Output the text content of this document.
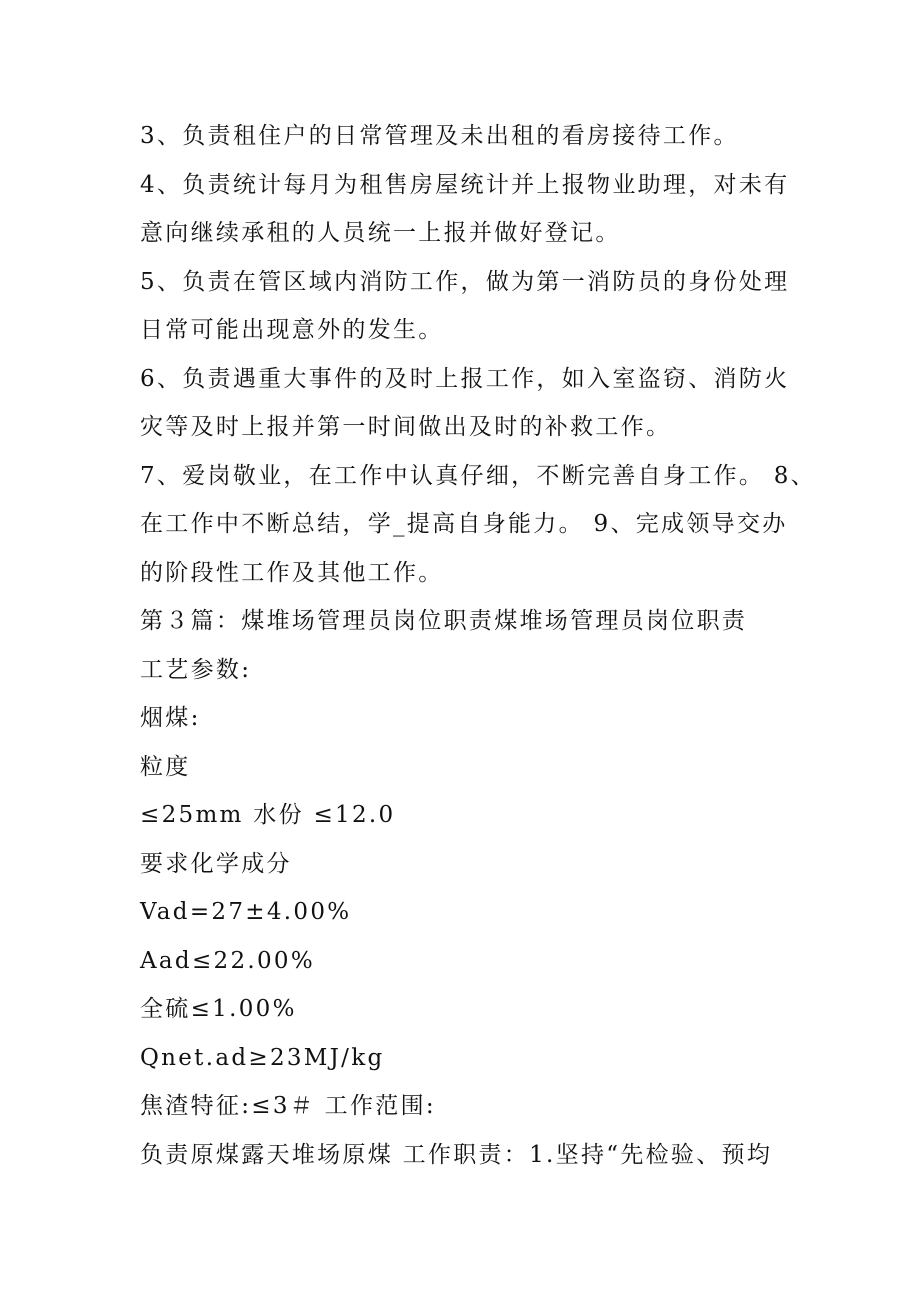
3、负责租住户的日常管理及未出租的看房接待工作。
4、负责统计每月为租售房屋统计并上报物业助理，对未有
意向继续承租的人员统一上报并做好登记。
5、负责在管区域内消防工作，做为第一消防员的身份处理
日常可能出现意外的发生。
6、负责遇重大事件的及时上报工作，如入室盗窃、消防火
灾等及时上报并第一时间做出及时的补救工作。
7、爱岗敬业，在工作中认真仔细，不断完善自身工作。 8、
在工作中不断总结，学_提高自身能力。 9、完成领导交办
的阶段性工作及其他工作。
第３篇：煤堆场管理员岗位职责煤堆场管理员岗位职责
工艺参数:
烟煤:
粒度
≤25mm 水份 ≤12.0
要求化学成分
Vad=27±4.00%
Aad≤22.00%
全硫≤1.00%
Qnet.ad≥23MJ/kg
焦渣特征:≤3＃ 工作范围:
负责原煤露天堆场原煤 工作职责：1.坚持“先检验、预均
